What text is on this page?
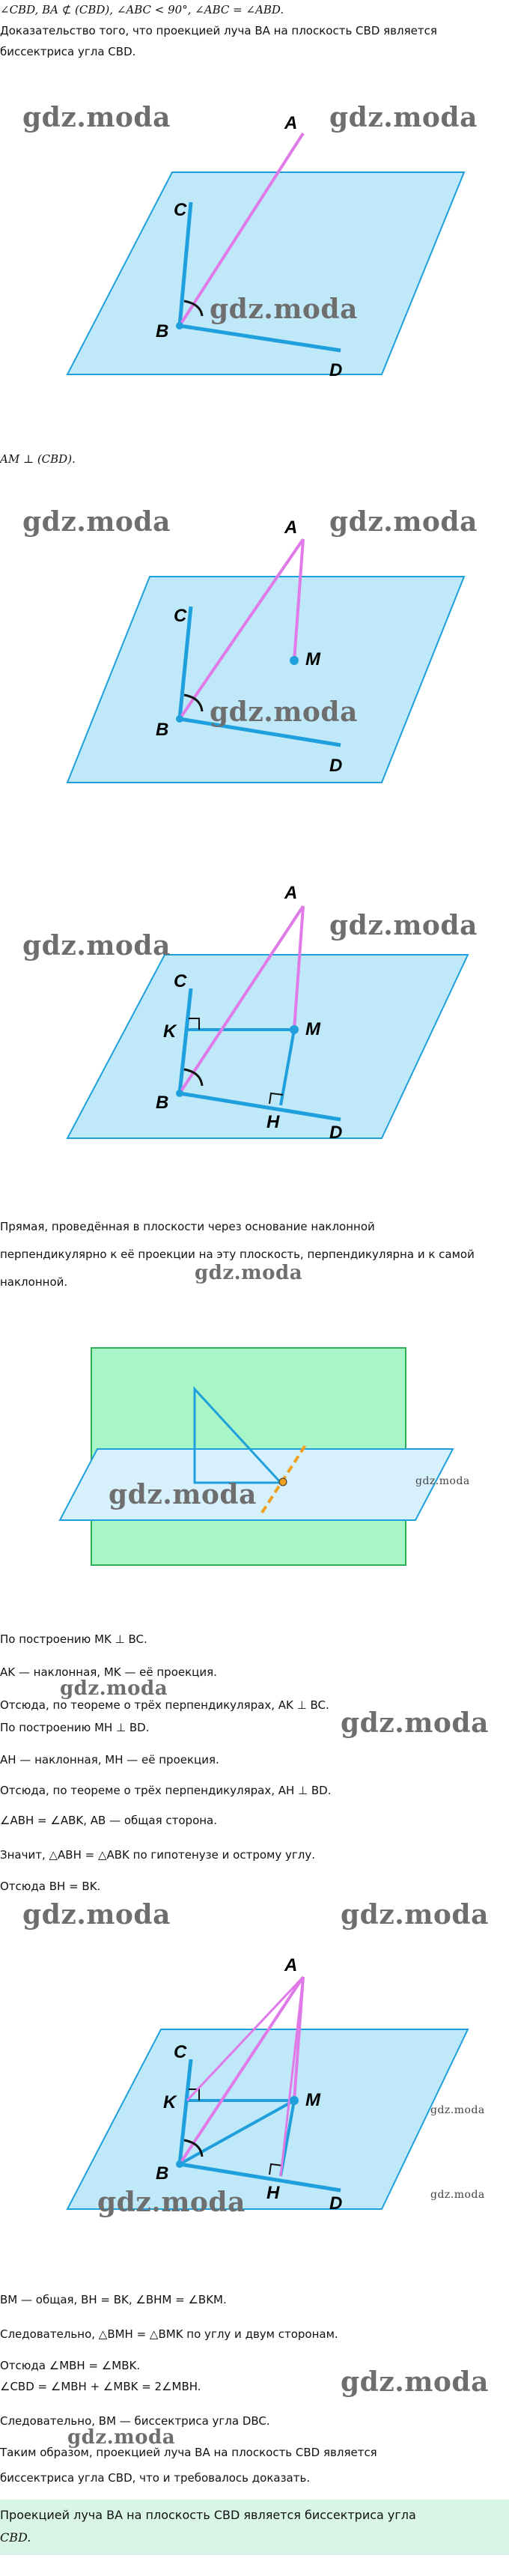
∠CBD, BA ⊄ (CBD), ∠ABC < 90°, ∠ABC = ∠ABD.
Доказательство того, что проекцией луча BA на плоскость CBD является
биссектриса угла CBD.
A
C
B
D
gdz.moda	gdz.moda
gdz.moda
AM ⊥ (CBD).
A
M
C
B
D
gdz.moda	gdz.moda
gdz.moda
A
M
C
K
B
H
D
gdz.moda
gdz.moda
Прямая, проведённая в плоскости через основание наклонной
перпендикулярно к её проекции на эту плоскость, перпендикулярна и к самой
наклонной.	gdz.moda
gdz.moda	gdz.moda
По построению MK ⊥ BC.
AK — наклонная, MK — её проекция.
gdz.moda
Отсюда, по теореме о трёх перпендикулярах, AK ⊥ BC.
По построению MH ⊥ BD.	gdz.moda
AH — наклонная, MH — её проекция.
Отсюда, по теореме о трёх перпендикулярах, AH ⊥ BD.
∠ABH = ∠ABK, AB — общая сторона.
Значит, △ABH = △ABK по гипотенузе и острому углу.
Отсюда BH = BK.
gdz.moda	gdz.moda
A
M
C
K
B
H
D
gdz.moda
gdz.moda
gdz.moda
BM — общая, BH = BK, ∠BHM = ∠BKM.
Следовательно, △BMH = △BMK по углу и двум сторонам.
Отсюда ∠MBH = ∠MBK.
∠CBD = ∠MBH + ∠MBK = 2∠MBH.	gdz.moda
Следовательно, BM — биссектриса угла DBC.
gdz.moda
Таким образом, проекцией луча BA на плоскость CBD является
биссектриса угла CBD, что и требовалось доказать.
Проекцией луча BA на плоскость CBD является биссектриса угла
CBD.
